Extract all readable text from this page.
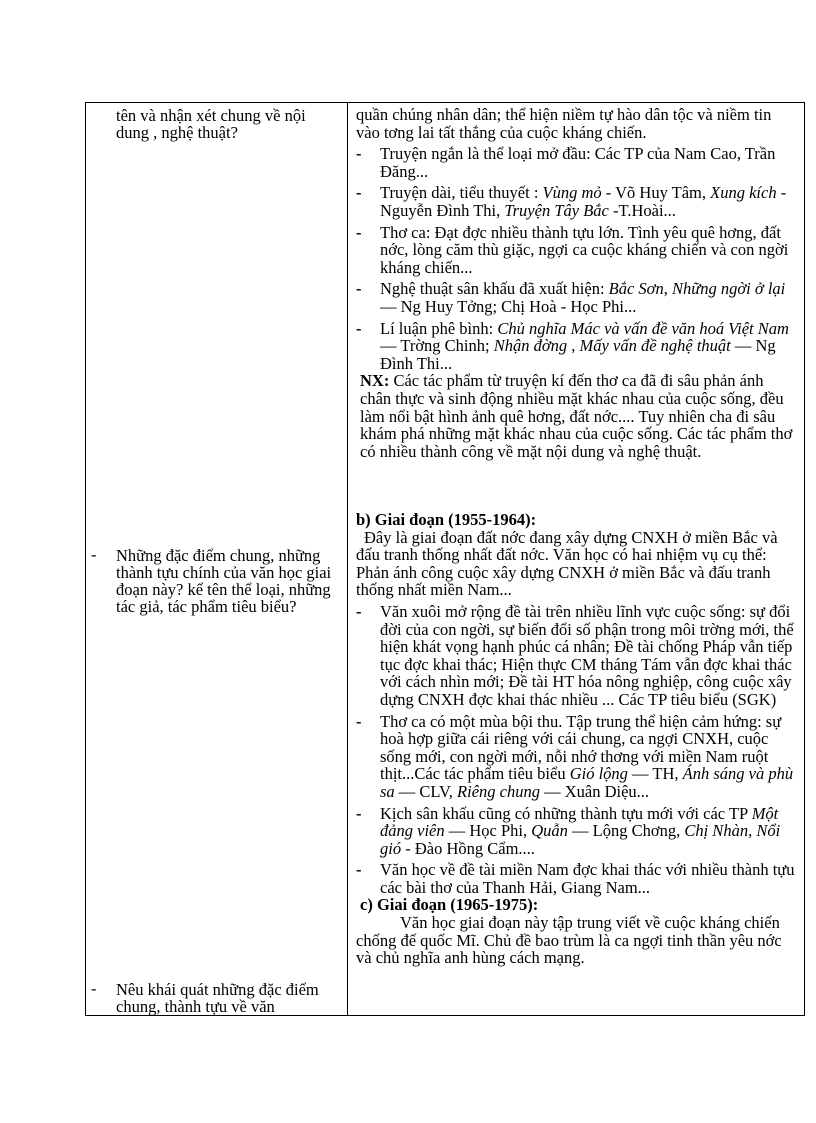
tên và nhận xét chung về nội dung , nghệ thuật?
- Những đặc điểm chung, những thành tựu chính của văn học giai đoạn này? kể tên thể loại, những tác giả, tác phẩm tiêu biểu?
- Nêu khái quát những đặc điểm chung, thành tựu về văn
quần chúng nhân dân; thể hiện niềm tự hào dân tộc và niềm tin vào tơng lai tất thắng của cuộc kháng chiến.
- Truyện ngắn là thể loại mở đầu: Các TP của Nam Cao, Trần Đăng...
- Truyện dài, tiểu thuyết : Vùng mỏ - Võ Huy Tâm, Xung kích - Nguyễn Đình Thi, Truyện Tây Bắc -T.Hoài...
- Thơ ca: Đạt đợc nhiều thành tựu lớn. Tình yêu quê hơng, đất nớc, lòng căm thù giặc, ngợi ca cuộc kháng chiến và con ngời kháng chiến...
- Nghệ thuật sân khấu đã xuất hiện: Bắc Sơn, Những ngời ở lại — Ng Huy Tởng; Chị Hoà - Học Phi...
- Lí luận phê bình: Chủ nghĩa Mác và vấn đề văn hoá Việt Nam — Trờng Chinh; Nhận đờng , Mấy vấn đề nghệ thuật — Ng Đình Thi...
NX: Các tác phẩm từ truyện kí đến thơ ca đã đi sâu phản ánh chân thực và sinh động nhiều mặt khác nhau của cuộc sống, đều làm nổi bật hình ảnh quê hơng, đất nớc.... Tuy nhiên cha đi sâu khám phá những mặt khác nhau của cuộc sống. Các tác phẩm thơ có nhiều thành công về mặt nội dung và nghệ thuật.
b) Giai đoạn (1955-1964):
Đây là giai đoạn đất nớc đang xây dựng CNXH ở miền Bắc và đấu tranh thống nhất đất nớc. Văn học có hai nhiệm vụ cụ thể: Phản ánh công cuộc xây dựng CNXH ở miền Bắc và đấu tranh thống nhất miền Nam...
- Văn xuôi mở rộng đề tài trên nhiều lĩnh vực cuộc sống: sự đổi đời của con ngời, sự biến đổi số phận trong môi trờng mới, thể hiện khát vọng hạnh phúc cá nhân; Đề tài chống Pháp vẫn tiếp tục đợc khai thác; Hiện thực CM tháng Tám vẫn đợc khai thác với cách nhìn mới; Đề tài HT hóa nông nghiệp, công cuộc xây dựng CNXH đợc khai thác nhiều ... Các TP tiêu biểu (SGK)
- Thơ ca có một mùa bội thu. Tập trung thể hiện cảm hứng: sự hoà hợp giữa cái riêng với cái chung, ca ngợi CNXH, cuộc sống mới, con ngời mới, nỗi nhớ thơng với miền Nam ruột thịt...Các tác phẩm tiêu biểu Gió lộng — TH, Ánh sáng và phù sa — CLV, Riêng chung — Xuân Diệu...
- Kịch sân khấu cũng có những thành tựu mới với các TP Một đảng viên — Học Phi, Quẫn — Lộng Chơng, Chị Nhàn, Nổi gió - Đào Hồng Cẩm....
- Văn học về đề tài miền Nam đợc khai thác với nhiều thành tựu các bài thơ của Thanh Hải, Giang Nam...
c) Giai đoạn (1965-1975):
Văn học giai đoạn này tập trung viết về cuộc kháng chiến chống đế quốc Mĩ. Chủ đề bao trùm là ca ngợi tinh thần yêu nớc và chủ nghĩa anh hùng cách mạng.
